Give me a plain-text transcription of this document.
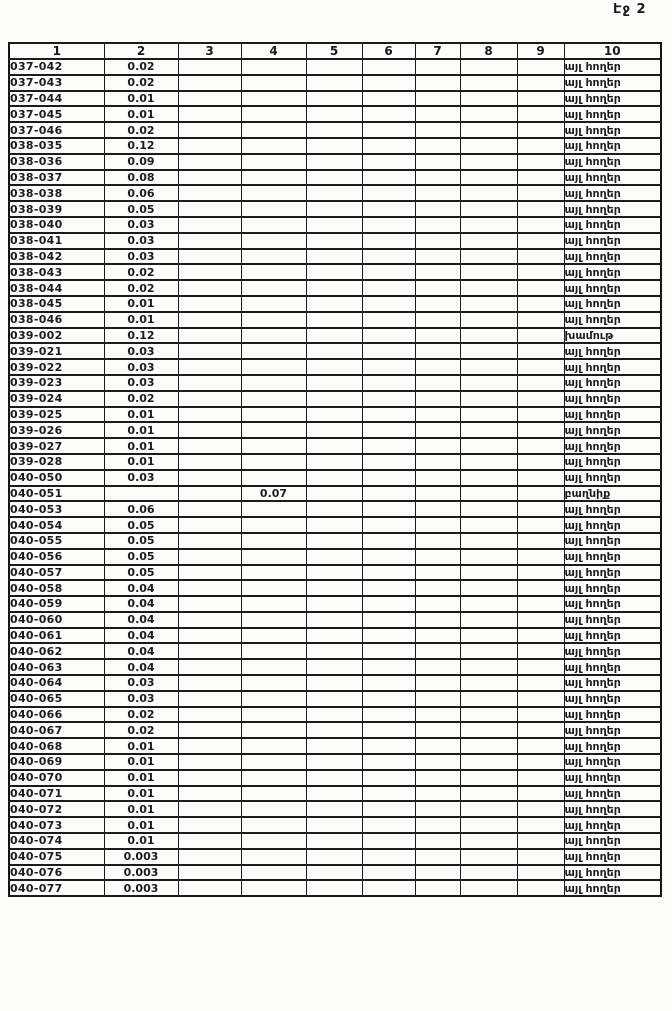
Էջ 2
1	2	3	4	5	6	7	8	9	10
037-042	0.02								այլ հողեր
037-043	0.02								այլ հողեր
037-044	0.01								այլ հողեր
037-045	0.01								այլ հողեր
037-046	0.02								այլ հողեր
038-035	0.12								այլ հողեր
038-036	0.09								այլ հողեր
038-037	0.08								այլ հողեր
038-038	0.06								այլ հողեր
038-039	0.05								այլ հողեր
038-040	0.03								այլ հողեր
038-041	0.03								այլ հողեր
038-042	0.03								այլ հողեր
038-043	0.02								այլ հողեր
038-044	0.02								այլ հողեր
038-045	0.01								այլ հողեր
038-046	0.01								այլ հողեր
039-002	0.12								խամութ
039-021	0.03								այլ հողեր
039-022	0.03								այլ հողեր
039-023	0.03								այլ հողեր
039-024	0.02								այլ հողեր
039-025	0.01								այլ հողեր
039-026	0.01								այլ հողեր
039-027	0.01								այլ հողեր
039-028	0.01								այլ հողեր
040-050	0.03								այլ հողեր
040-051			0.07						բաղնիք
040-053	0.06								այլ հողեր
040-054	0.05								այլ հողեր
040-055	0.05								այլ հողեր
040-056	0.05								այլ հողեր
040-057	0.05								այլ հողեր
040-058	0.04								այլ հողեր
040-059	0.04								այլ հողեր
040-060	0.04								այլ հողեր
040-061	0.04								այլ հողեր
040-062	0.04								այլ հողեր
040-063	0.04								այլ հողեր
040-064	0.03								այլ հողեր
040-065	0.03								այլ հողեր
040-066	0.02								այլ հողեր
040-067	0.02								այլ հողեր
040-068	0.01								այլ հողեր
040-069	0.01								այլ հողեր
040-070	0.01								այլ հողեր
040-071	0.01								այլ հողեր
040-072	0.01								այլ հողեր
040-073	0.01								այլ հողեր
040-074	0.01								այլ հողեր
040-075	0.003								այլ հողեր
040-076	0.003								այլ հողեր
040-077	0.003								այլ հողեր
